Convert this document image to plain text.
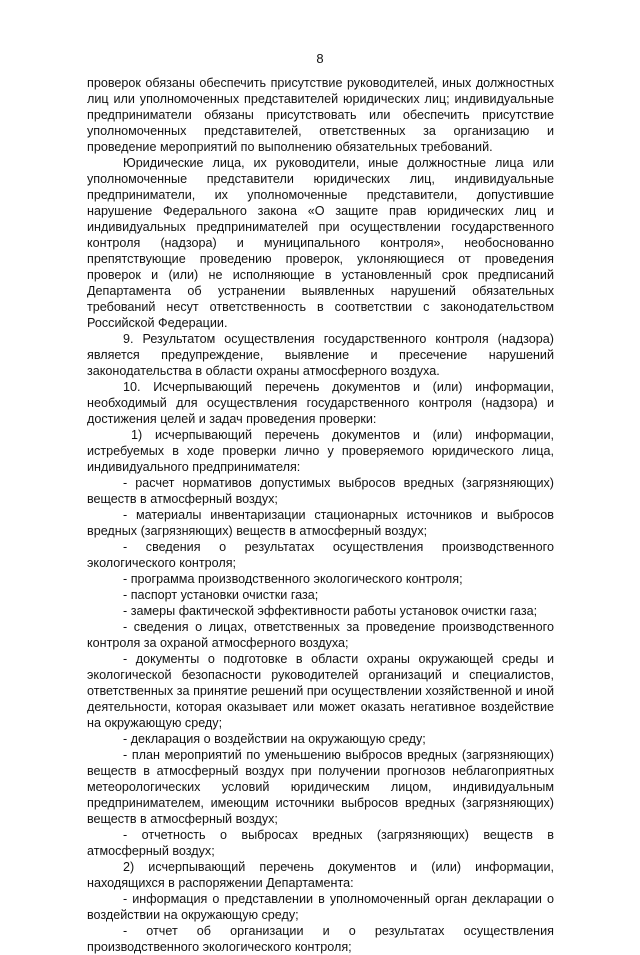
8

проверок обязаны обеспечить присутствие руководителей, иных должностных лиц или уполномоченных представителей юридических лиц; индивидуальные предприниматели обязаны присутствовать или обеспечить присутствие уполномоченных представителей, ответственных за организацию и проведение мероприятий по выполнению обязательных требований.

Юридические лица, их руководители, иные должностные лица или уполномоченные представители юридических лиц, индивидуальные предприниматели, их уполномоченные представители, допустившие нарушение Федерального закона «О защите прав юридических лиц и индивидуальных предпринимателей при осуществлении государственного контроля (надзора) и муниципального контроля», необоснованно препятствующие проведению проверок, уклоняющиеся от проведения проверок и (или) не исполняющие в установленный срок предписаний Департамента об устранении выявленных нарушений обязательных требований несут ответственность в соответствии с законодательством Российской Федерации.

9. Результатом осуществления государственного контроля (надзора) является предупреждение, выявление и пресечение нарушений законодательства в области охраны атмосферного воздуха.

10. Исчерпывающий перечень документов и (или) информации, необходимый для осуществления государственного контроля (надзора) и достижения целей и задач проведения проверки:

1) исчерпывающий перечень документов и (или) информации, истребуемых в ходе проверки лично у проверяемого юридического лица, индивидуального предпринимателя:

- расчет нормативов допустимых выбросов вредных (загрязняющих) веществ в атмосферный воздух;

- материалы инвентаризации стационарных источников и выбросов вредных (загрязняющих) веществ в атмосферный воздух;

- сведения о результатах осуществления производственного экологического контроля;

- программа производственного экологического контроля;

- паспорт установки очистки газа;

- замеры фактической эффективности работы установок очистки газа;

- сведения о лицах, ответственных за проведение производственного контроля за охраной атмосферного воздуха;

- документы о подготовке в области охраны окружающей среды и экологической безопасности руководителей организаций и специалистов, ответственных за принятие решений при осуществлении хозяйственной и иной деятельности, которая оказывает или может оказать негативное воздействие на окружающую среду;

- декларация о воздействии на окружающую среду;

- план мероприятий по уменьшению выбросов вредных (загрязняющих) веществ в атмосферный воздух при получении прогнозов неблагоприятных метеорологических условий юридическим лицом, индивидуальным предпринимателем, имеющим источники выбросов вредных (загрязняющих) веществ в атмосферный воздух;

- отчетность о выбросах вредных (загрязняющих) веществ в атмосферный воздух;

2) исчерпывающий перечень документов и (или) информации, находящихся в распоряжении Департамента:

- информация о представлении в уполномоченный орган декларации о воздействии на окружающую среду;

- отчет об организации и о результатах осуществления производственного экологического контроля;
